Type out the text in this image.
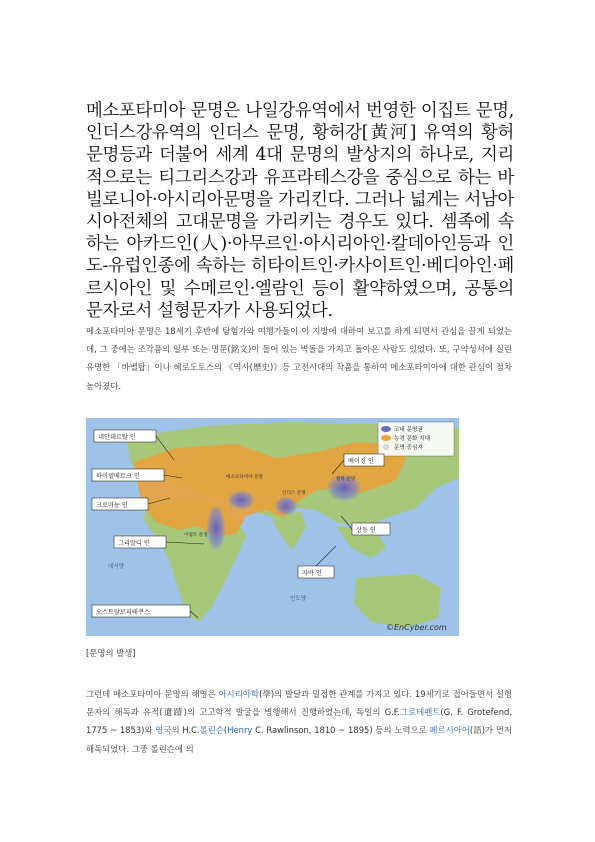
메소포타미아 문명은 나일강유역에서 번영한 이집트 문명, 인더스강유역의 인더스 문명, 황허강[黃河] 유역의 황허 문명등과 더불어 세계 4대 문명의 발상지의 하나로, 지리적으로는 티그리스강과 유프라테스강을 중심으로 하는 바빌로니아·아시리아문명을 가리킨다. 그러나 넓게는 서남아시아전체의 고대문명을 가리키는 경우도 있다. 셈족에 속하는 아카드인(人)·아무르인·아시리아인·칼데아인등과 인도-유럽인종에 속하는 히타이트인·카사이트인·베디아인·페르시아인 및 수메르인·엘람인 등이 활약하였으며, 공통의 문자로서 설형문자가 사용되었다.

메소포타미아 문명은 18세기 후반에 탐험가와 여행가들이 이 지방에 대하여 보고를 하게 되면서 관심을 끌게 되었는데, 그 중에는 조각품의 일부 또는 명문(銘文)이 들어 있는 벽돌을 가지고 돌아온 사람도 있었다. 또, 구약성서에 실린 유명한 「바벨탑」이나 헤로도토스의 《역사(歷史)》등 고전시대의 작품을 통하여 메소포타미아에 대한 관심이 점차 높아졌다.

고대 문명권
농경 문화 지대
문명 중심지
네안데르탈 인
하이델베르크 인
크로마뇽 인
그리말디 인
오스트랄로피테쿠스
베이징 인
상동 인
자바 인
메소포타미아 문명
이집트 문명
인더스 문명
황하 문명
대서양
인도양
©EnCyber.com

[문명의 발생]

그런데 메소포타미아 문명의 해명은 아시리아학(學)의 발달과 밀접한 관계를 가지고 있다. 19세기로 접어들면서 설형문자의 해독과 유적(遺蹟)의 고고학적 발굴을 병행해서 진행하였는데, 독일의 G.F.그로테펜트(G. F. Grotefend, 1775 ~ 1853)와 영국의 H.C.롤린슨(Henry C. Rawlinson, 1810 ~ 1895) 등의 노력으로 페르시아어(語)가 먼저 해독되었다. 그중 롤린슨에 의
